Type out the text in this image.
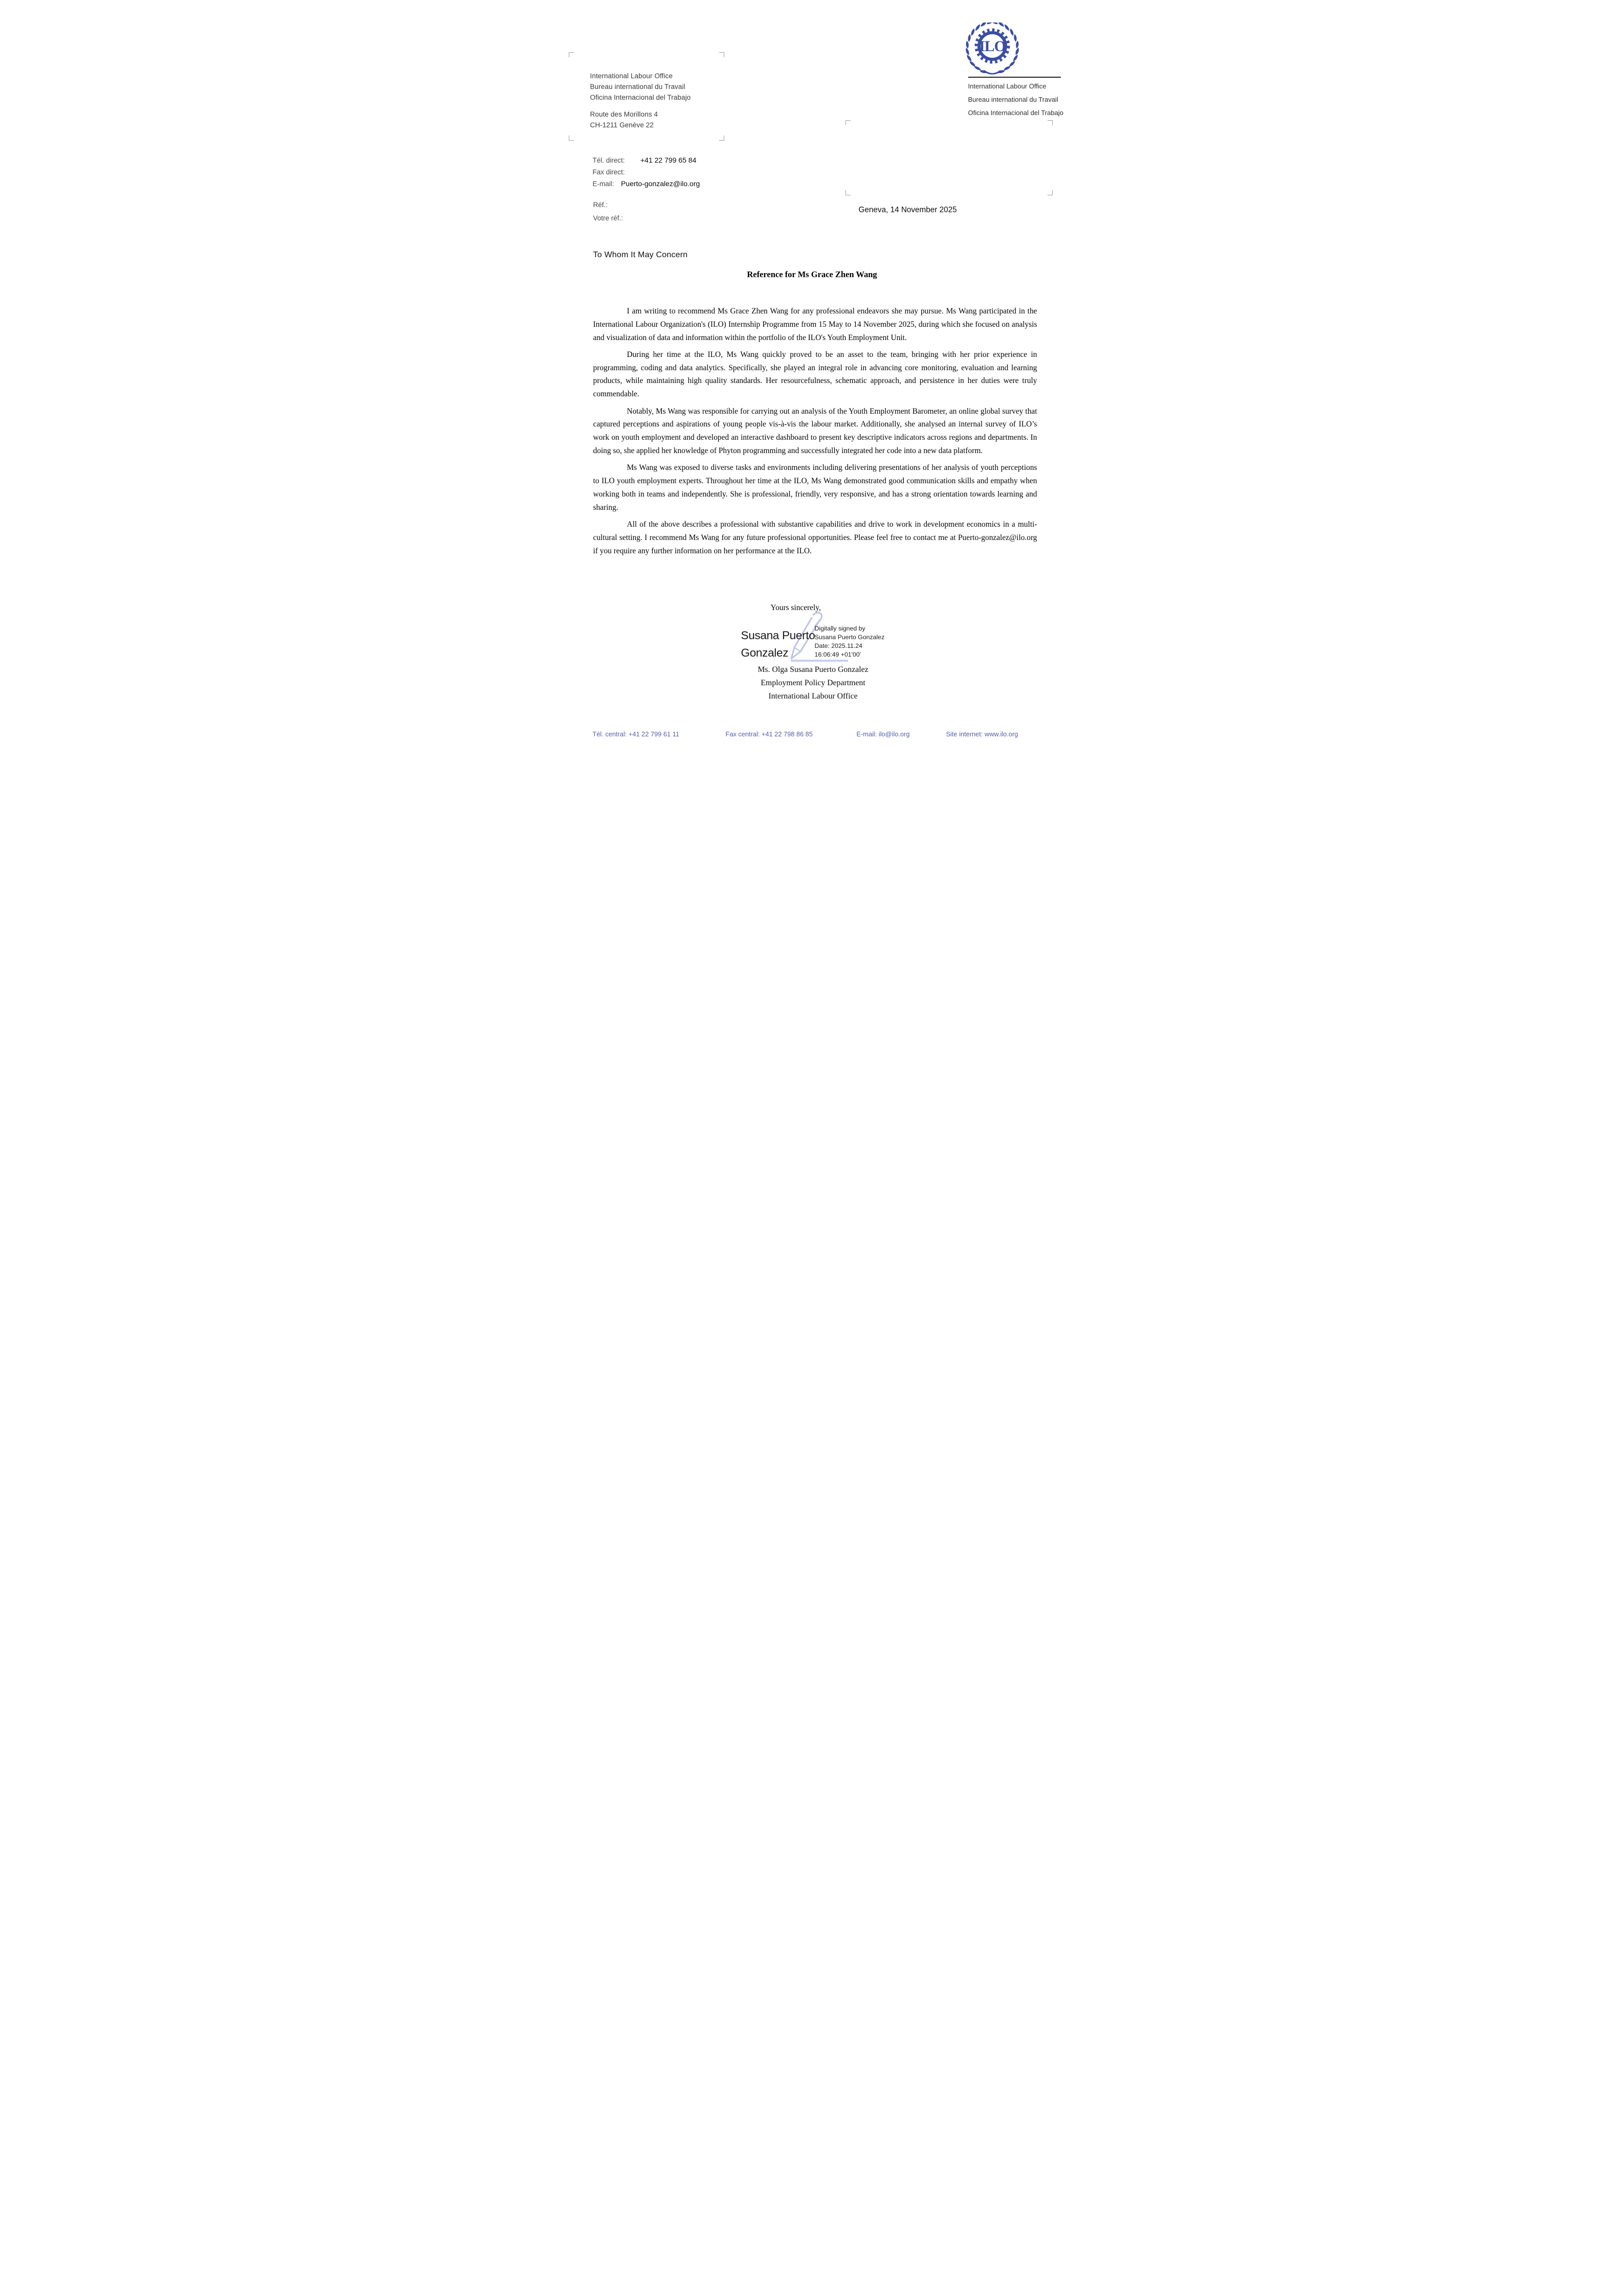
International Labour Office
Bureau international du Travail
Oficina Internacional del Trabajo
Route des Morillons 4
CH-1211 Genève 22
ILO
International Labour Office
Bureau international du Travail
Oficina Internacional del Trabajo
Tél. direct: +41 22 799 65 84
Fax direct:
E-mail: Puerto-gonzalez@ilo.org
Réf.:
Votre réf.:
Geneva, 14 November 2025
To Whom It May Concern
Reference for Ms Grace Zhen Wang

I am writing to recommend Ms Grace Zhen Wang for any professional endeavors she may pursue. Ms Wang participated in the International Labour Organization's (ILO) Internship Programme from 15 May to 14 November 2025, during which she focused on analysis and visualization of data and information within the portfolio of the ILO's Youth Employment Unit.

During her time at the ILO, Ms Wang quickly proved to be an asset to the team, bringing with her prior experience in programming, coding and data analytics. Specifically, she played an integral role in advancing core monitoring, evaluation and learning products, while maintaining high quality standards. Her resourcefulness, schematic approach, and persistence in her duties were truly commendable.

Notably, Ms Wang was responsible for carrying out an analysis of the Youth Employment Barometer, an online global survey that captured perceptions and aspirations of young people vis-à-vis the labour market. Additionally, she analysed an internal survey of ILO’s work on youth employment and developed an interactive dashboard to present key descriptive indicators across regions and departments. In doing so, she applied her knowledge of Phyton programming and successfully integrated her code into a new data platform.

Ms Wang was exposed to diverse tasks and environments including delivering presentations of her analysis of youth perceptions to ILO youth employment experts. Throughout her time at the ILO, Ms Wang demonstrated good communication skills and empathy when working both in teams and independently. She is professional, friendly, very responsive, and has a strong orientation towards learning and sharing.

All of the above describes a professional with substantive capabilities and drive to work in development economics in a multi-cultural setting. I recommend Ms Wang for any future professional opportunities. Please feel free to contact me at Puerto-gonzalez@ilo.org if you require any further information on her performance at the ILO.

Yours sincerely,
Susana Puerto
Gonzalez
Digitally signed by
Susana Puerto Gonzalez
Date: 2025.11.24
16:06:49 +01'00'
Ms. Olga Susana Puerto Gonzalez
Employment Policy Department
International Labour Office
Tél. central: +41 22 799 61 11	Fax central: +41 22 798 86 85	E-mail: ilo@ilo.org	Site internet: www.ilo.org
